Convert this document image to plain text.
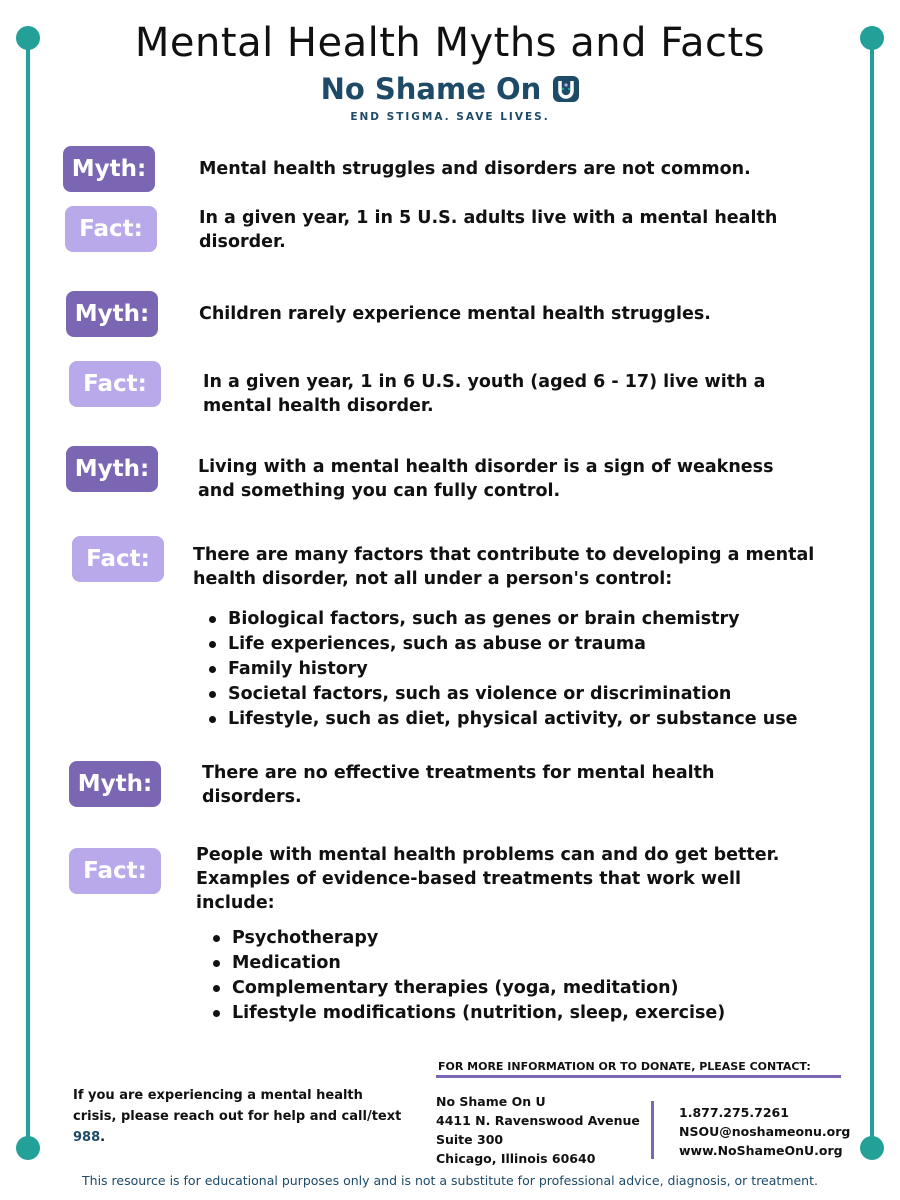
Mental Health Myths and Facts
No Shame On
END STIGMA. SAVE LIVES.
Myth:	Mental health struggles and disorders are not common.
Fact:	In a given year, 1 in 5 U.S. adults live with a mental health disorder.
Myth:	Children rarely experience mental health struggles.
Fact:	In a given year, 1 in 6 U.S. youth (aged 6 - 17) live with a mental health disorder.
Myth:	Living with a mental health disorder is a sign of weakness and something you can fully control.
Fact:	There are many factors that contribute to developing a mental health disorder, not all under a person's control:
Biological factors, such as genes or brain chemistry
Life experiences, such as abuse or trauma
Family history
Societal factors, such as violence or discrimination
Lifestyle, such as diet, physical activity, or substance use
Myth:	There are no effective treatments for mental health disorders.
Fact:
People with mental health problems can and do get better. Examples of evidence-based treatments that work well include:
Psychotherapy
Medication
Complementary therapies (yoga, meditation)
Lifestyle modifications (nutrition, sleep, exercise)

If you are experiencing a mental health crisis, please reach out for help and call/text 988.

FOR MORE INFORMATION OR TO DONATE, PLEASE CONTACT:
No Shame On U
4411 N. Ravenswood Avenue
Suite 300
Chicago, Illinois 60640
1.877.275.7261
NSOU@noshameonu.org
www.NoShameOnU.org
This resource is for educational purposes only and is not a substitute for professional advice, diagnosis, or treatment.
